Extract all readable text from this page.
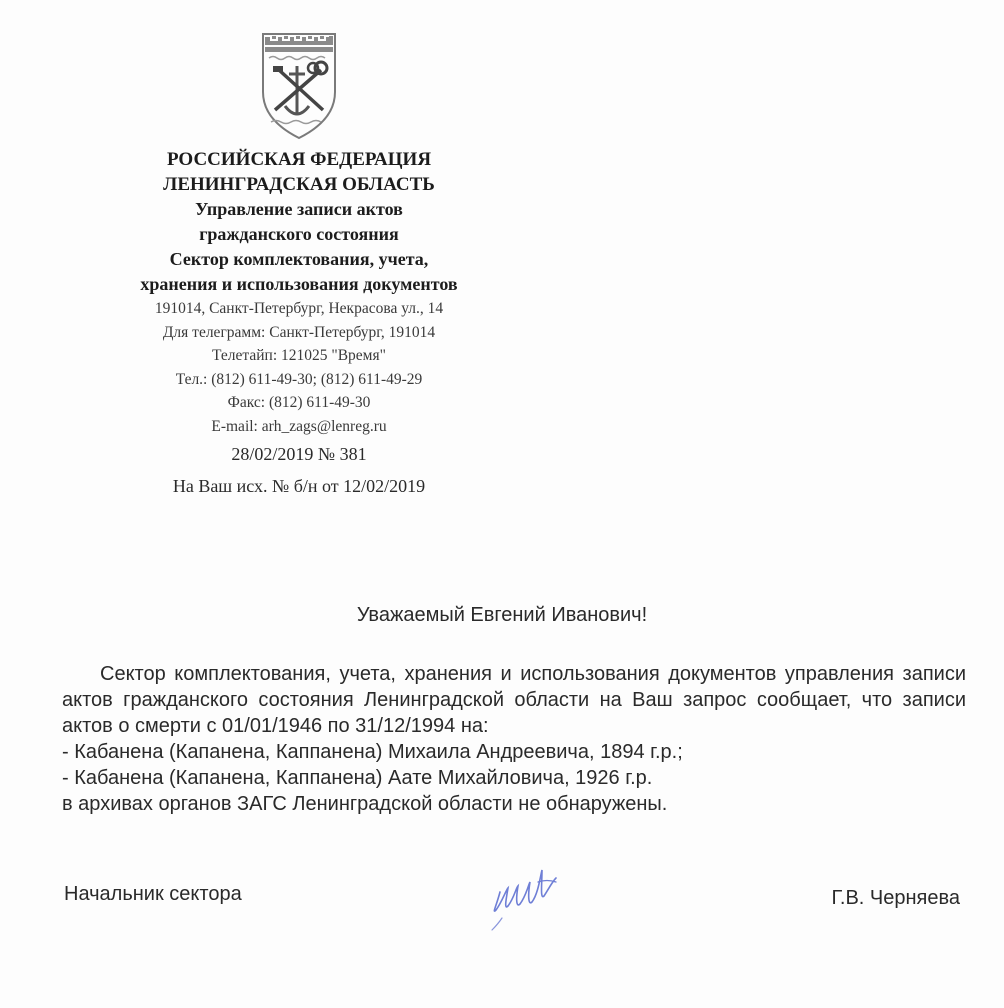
РОССИЙСКАЯ ФЕДЕРАЦИЯ
ЛЕНИНГРАДСКАЯ ОБЛАСТЬ
Управление записи актов
гражданского состояния
Сектор комплектования, учета,
хранения и использования документов
191014, Санкт-Петербург, Некрасова ул., 14
Для телеграмм: Санкт-Петербург, 191014
Телетайп: 121025 "Время"
Тел.: (812) 611-49-30; (812) 611-49-29
Факс: (812) 611-49-30
E-mail: arh_zags@lenreg.ru
28/02/2019 № 381
На Ваш исх. № б/н от 12/02/2019
Уважаемый Евгений Иванович!

Сектор комплектования, учета, хранения и использования документов управления записи актов гражданского состояния Ленинградской области на Ваш запрос сообщает, что записи актов о смерти с 01/01/1946 по 31/12/1994 на:

- Кабанена (Капанена, Каппанена) Михаила Андреевича, 1894 г.р.;

- Кабанена (Капанена, Каппанена) Аате Михайловича, 1926 г.р.

в архивах органов ЗАГС Ленинградской области не обнаружены.

Начальник сектора	Г.В. Черняева
